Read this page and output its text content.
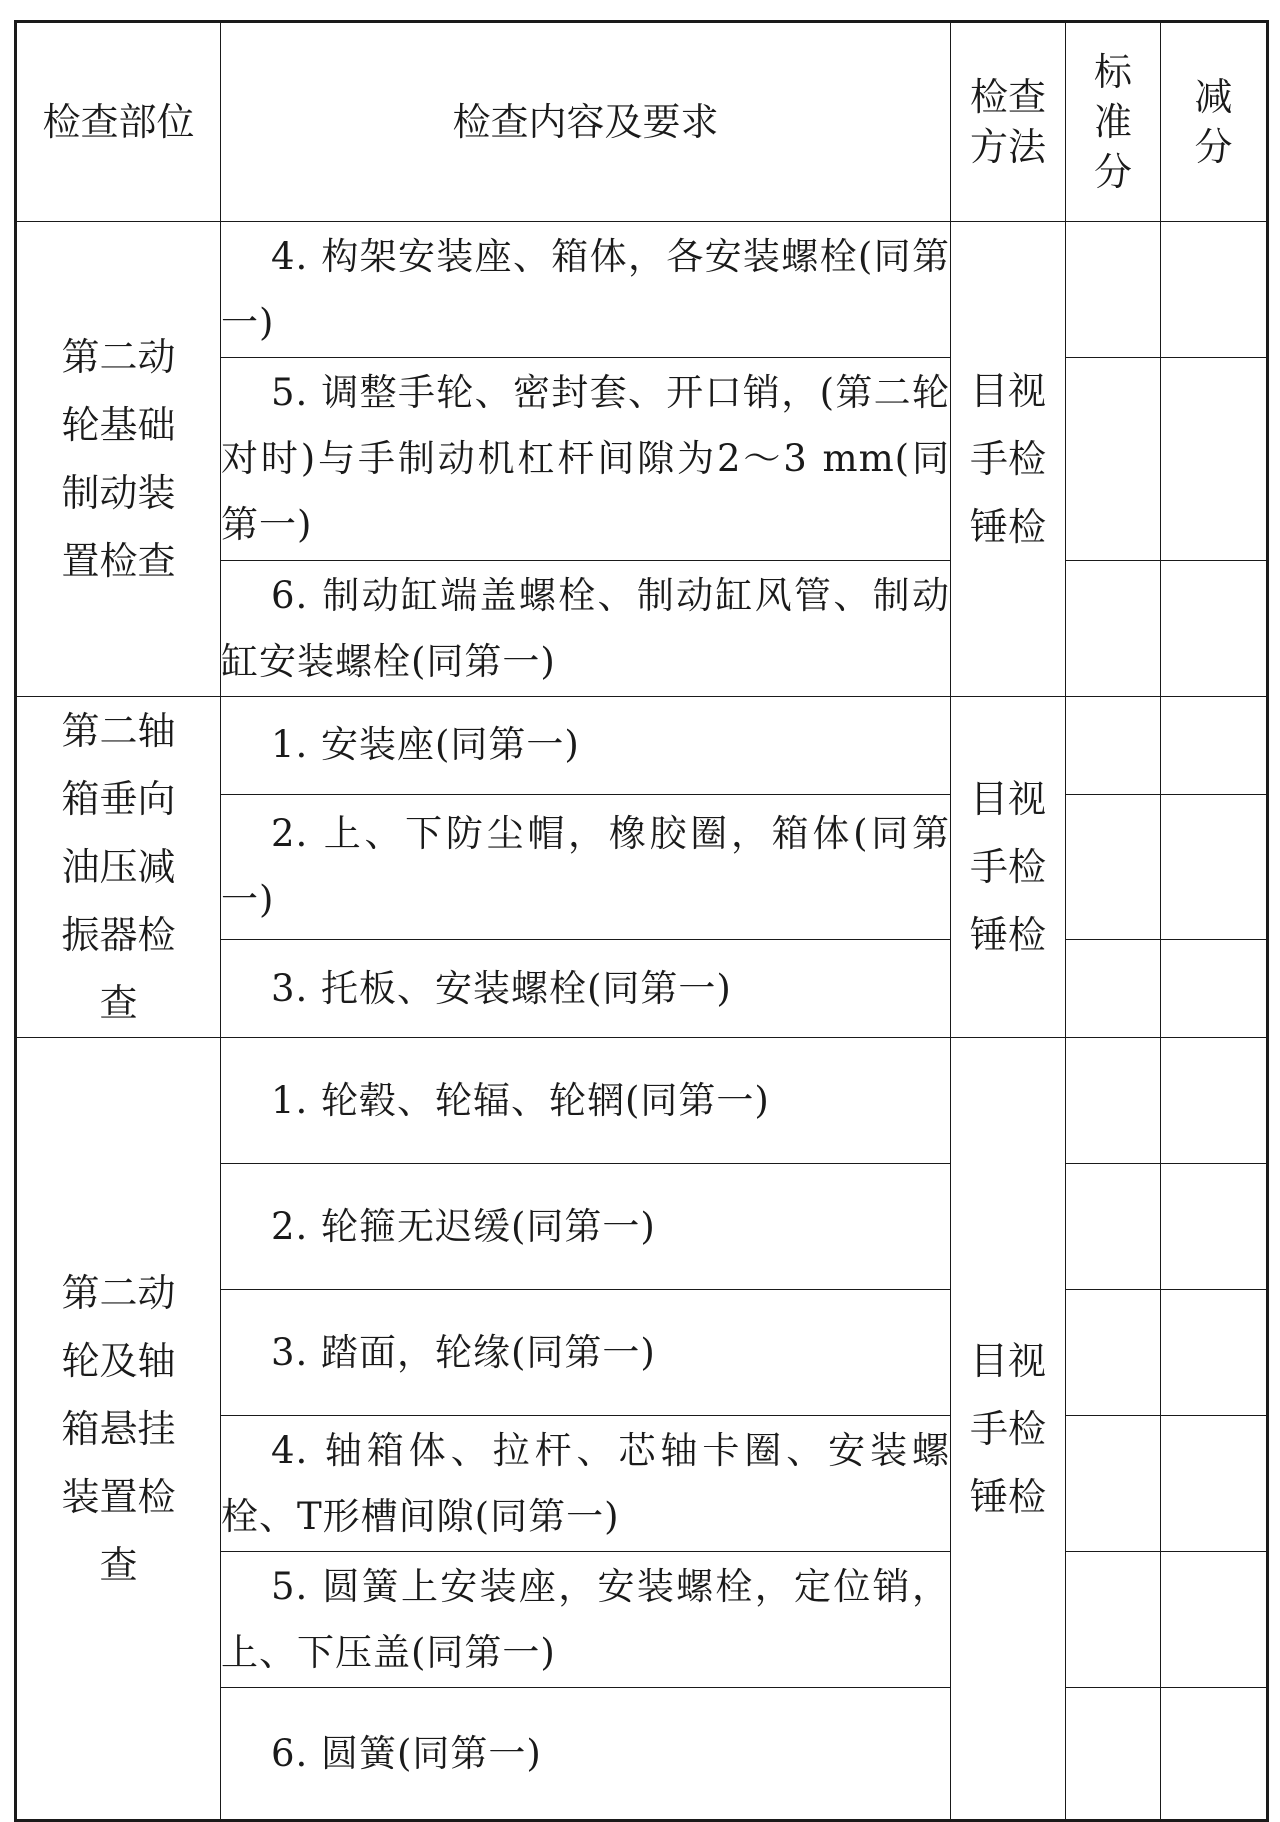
检查部位	检查内容及要求	检查方法	标准分	减分

第二动轮基础制动装置检查	4. 构架安装座、箱体，各安装螺栓(同第一)	目视手检锤检		

	5. 调整手轮、密封套、开口销，(第二轮对时)与手制动机杠杆间隙为2～3 mm(同第一)			

	6. 制动缸端盖螺栓、制动缸风管、制动缸安装螺栓(同第一)			

第二轴箱垂向油压减振器检查	1. 安装座(同第一)	目视手检锤检		

	2. 上、下防尘帽，橡胶圈，箱体(同第一)			

	3. 托板、安装螺栓(同第一)			

第二动轮及轴箱悬挂装置检查	1. 轮毂、轮辐、轮辋(同第一)	目视手检锤检		

	2. 轮箍无迟缓(同第一)			

	3. 踏面，轮缘(同第一)			

	4. 轴箱体、拉杆、芯轴卡圈、安装螺栓、T形槽间隙(同第一)			

	5. 圆簧上安装座，安装螺栓，定位销，上、下压盖(同第一)			

	6. 圆簧(同第一)			
